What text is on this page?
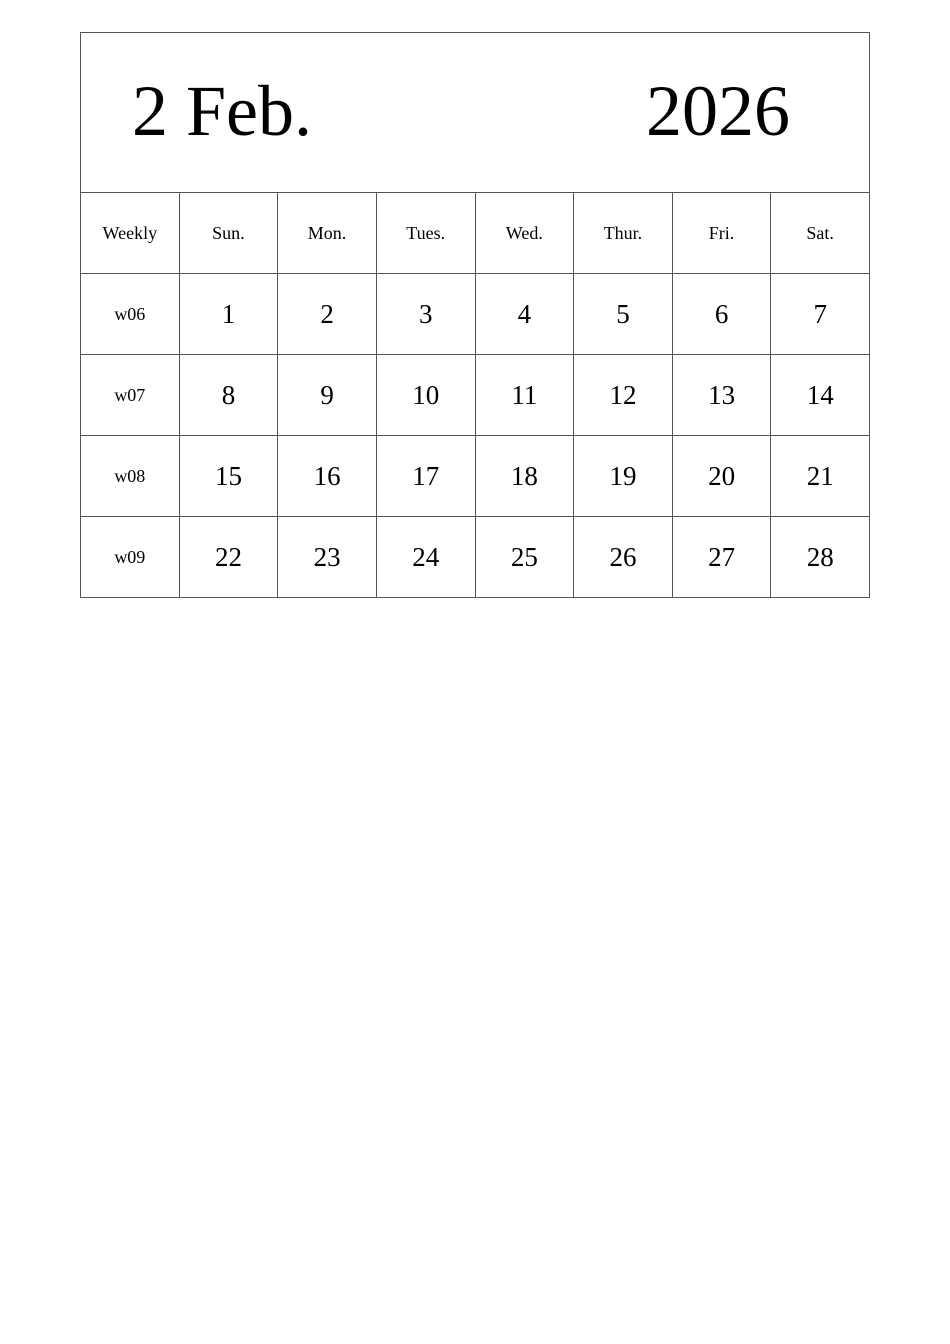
2 Feb. 2026							

Weekly	Sun.	Mon.	Tues.	Wed.	Thur.	Fri.	Sat.
w06	1	2	3	4	5	6	7
w07	8	9	10	11	12	13	14
w08	15	16	17	18	19	20	21
w09	22	23	24	25	26	27	28
